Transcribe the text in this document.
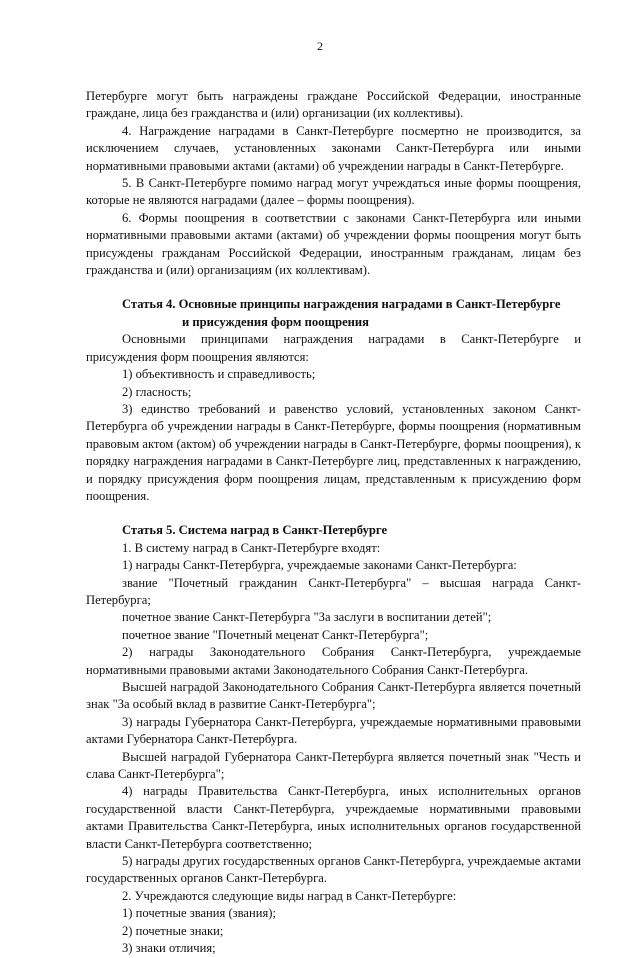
2

Петербурге могут быть награждены граждане Российской Федерации, иностранные граждане, лица без гражданства и (или) организации (их коллективы).

4. Награждение наградами в Санкт-Петербурге посмертно не производится, за исключением случаев, установленных законами Санкт-Петербурга или иными нормативными правовыми актами (актами) об учреждении награды в Санкт-Петербурге.

5. В Санкт-Петербурге помимо наград могут учреждаться иные формы поощрения, которые не являются наградами (далее – формы поощрения).

6. Формы поощрения в соответствии с законами Санкт-Петербурга или иными нормативными правовыми актами (актами) об учреждении формы поощрения могут быть присуждены гражданам Российской Федерации, иностранным гражданам, лицам без гражданства и (или) организациям (их коллективам).

Статья 4. Основные принципы награждения наградами в Санкт-Петербурге

и присуждения форм поощрения

Основными принципами награждения наградами в Санкт-Петербурге и присуждения форм поощрения являются:

1) объективность и справедливость;

2) гласность;

3) единство требований и равенство условий, установленных законом Санкт-Петербурга об учреждении награды в Санкт-Петербурге, формы поощрения (нормативным правовым актом (актом) об учреждении награды в Санкт-Петербурге, формы поощрения), к порядку награждения наградами в Санкт-Петербурге лиц, представленных к награждению, и порядку присуждения форм поощрения лицам, представленным к присуждению форм поощрения.

Статья 5. Система наград в Санкт-Петербурге

1. В систему наград в Санкт-Петербурге входят:

1) награды Санкт-Петербурга, учреждаемые законами Санкт-Петербурга:

звание "Почетный гражданин Санкт-Петербурга" – высшая награда Санкт-Петербурга;

почетное звание Санкт-Петербурга "За заслуги в воспитании детей";

почетное звание "Почетный меценат Санкт-Петербурга";

2) награды Законодательного Собрания Санкт-Петербурга, учреждаемые нормативными правовыми актами Законодательного Собрания Санкт-Петербурга.

Высшей наградой Законодательного Собрания Санкт-Петербурга является почетный знак "За особый вклад в развитие Санкт-Петербурга";

3) награды Губернатора Санкт-Петербурга, учреждаемые нормативными правовыми актами Губернатора Санкт-Петербурга.

Высшей наградой Губернатора Санкт-Петербурга является почетный знак "Честь и слава Санкт-Петербурга";

4) награды Правительства Санкт-Петербурга, иных исполнительных органов государственной власти Санкт-Петербурга, учреждаемые нормативными правовыми актами Правительства Санкт-Петербурга, иных исполнительных органов государственной власти Санкт-Петербурга соответственно;

5) награды других государственных органов Санкт-Петербурга, учреждаемые актами государственных органов Санкт-Петербурга.

2. Учреждаются следующие виды наград в Санкт-Петербурге:

1) почетные звания (звания);

2) почетные знаки;

3) знаки отличия;
